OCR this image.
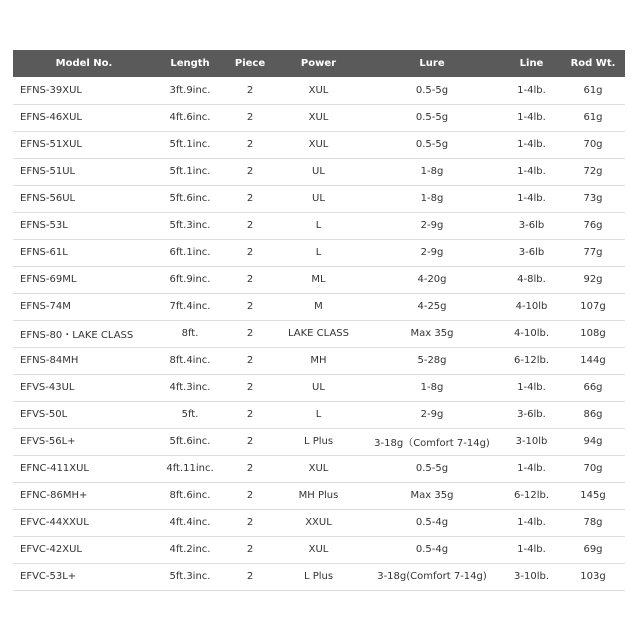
Model No.	Length	Piece	Power	Lure	Line	Rod Wt.
EFNS-39XUL	3ft.9inc.	2	XUL	0.5-5g	1-4lb.	61g
EFNS-46XUL	4ft.6inc.	2	XUL	0.5-5g	1-4lb.	61g
EFNS-51XUL	5ft.1inc.	2	XUL	0.5-5g	1-4lb.	70g
EFNS-51UL	5ft.1inc.	2	UL	1-8g	1-4lb.	72g
EFNS-56UL	5ft.6inc.	2	UL	1-8g	1-4lb.	73g
EFNS-53L	5ft.3inc.	2	L	2-9g	3-6lb	76g
EFNS-61L	6ft.1inc.	2	L	2-9g	3-6lb	77g
EFNS-69ML	6ft.9inc.	2	ML	4-20g	4-8lb.	92g
EFNS-74M	7ft.4inc.	2	M	4-25g	4-10lb	107g
EFNS-80・LAKE CLASS	8ft.	2	LAKE CLASS	Max 35g	4-10lb.	108g
EFNS-84MH	8ft.4inc.	2	MH	5-28g	6-12lb.	144g
EFVS-43UL	4ft.3inc.	2	UL	1-8g	1-4lb.	66g
EFVS-50L	5ft.	2	L	2-9g	3-6lb.	86g
EFVS-56L+	5ft.6inc.	2	L Plus	3-18g（Comfort 7-14g)	3-10lb	94g
EFNC-411XUL	4ft.11inc.	2	XUL	0.5-5g	1-4lb.	70g
EFNC-86MH+	8ft.6inc.	2	MH Plus	Max 35g	6-12lb.	145g
EFVC-44XXUL	4ft.4inc.	2	XXUL	0.5-4g	1-4lb.	78g
EFVC-42XUL	4ft.2inc.	2	XUL	0.5-4g	1-4lb.	69g
EFVC-53L+	5ft.3inc.	2	L Plus	3-18g(Comfort 7-14g)	3-10lb.	103g
